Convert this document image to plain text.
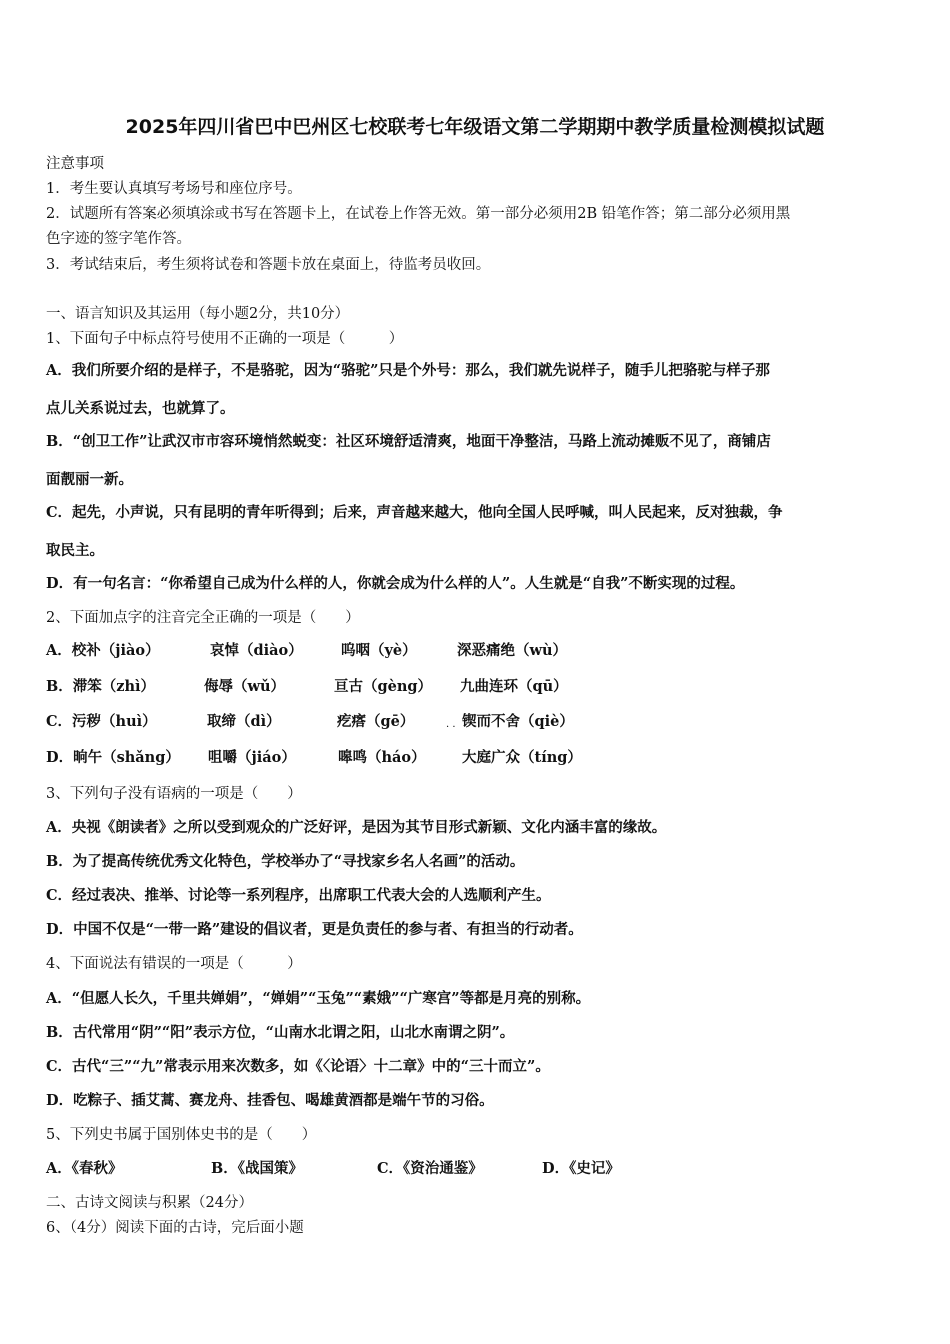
2025年四川省巴中巴州区七校联考七年级语文第二学期期中教学质量检测模拟试题
注意事项
1．考生要认真填写考场号和座位序号。
2．试题所有答案必须填涂或书写在答题卡上，在试卷上作答无效。第一部分必须用2B 铅笔作答；第二部分必须用黑
色字迹的签字笔作答。
3．考试结束后，考生须将试卷和答题卡放在桌面上，待监考员收回。
一、语言知识及其运用（每小题2分，共10分）
1、下面句子中标点符号使用不正确的一项是（　　　）
A．我们所要介绍的是样子，不是骆驼，因为“骆驼”只是个外号：那么，我们就先说样子，随手儿把骆驼与样子那
点儿关系说过去，也就算了。
B．“创卫工作”让武汉市市容环境悄然蜕变：社区环境舒适清爽，地面干净整洁，马路上流动摊贩不见了，商铺店
面靓丽一新。
C．起先，小声说，只有昆明的青年听得到；后来，声音越来越大，他向全国人民呼喊，叫人民起来，反对独裁，争
取民主。
D．有一句名言：“你希望自己成为什么样的人，你就会成为什么样的人”。人生就是“自我”不断实现的过程。
2、下面加点字的注音完全正确的一项是（　　）
A．校补（jiào）	哀悼（diào）	呜咽（yè）	深恶痛绝（wù）
B．滞笨（zhì）	侮辱（wǔ）	亘古（gèng） 九曲连环（qū）
C．污秽（huì）	取缔（dì）	疙瘩（gē）	锲而不舍（qiè）
· ·
D．晌午（shǎng） 咀嚼（jiáo）	嗥鸣（háo）	大庭广众（tíng）
3、下列句子没有语病的一项是（　　）
A．央视《朗读者》之所以受到观众的广泛好评，是因为其节目形式新颖、文化内涵丰富的缘故。
B．为了提高传统优秀文化特色，学校举办了“寻找家乡名人名画”的活动。
C．经过表决、推举、讨论等一系列程序，出席职工代表大会的人选顺利产生。
D．中国不仅是“一带一路”建设的倡议者，更是负责任的参与者、有担当的行动者。
4、下面说法有错误的一项是（　　　）
A．“但愿人长久，千里共婵娟”，“婵娟”“玉兔”“素娥”“广寒宫”等都是月亮的别称。
B．古代常用“阴”“阳”表示方位，“山南水北谓之阳，山北水南谓之阴”。
C．古代“三”“九”常表示用来次数多，如《〈论语〉十二章》中的“三十而立”。
D．吃粽子、插艾蒿、赛龙舟、挂香包、喝雄黄酒都是端午节的习俗。
5、下列史书属于国别体史书的是（　　）
A．《春秋》	B．《战国策》	C．《资治通鉴》	D．《史记》
二、古诗文阅读与积累（24分）
6、（4分）阅读下面的古诗，完后面小题
